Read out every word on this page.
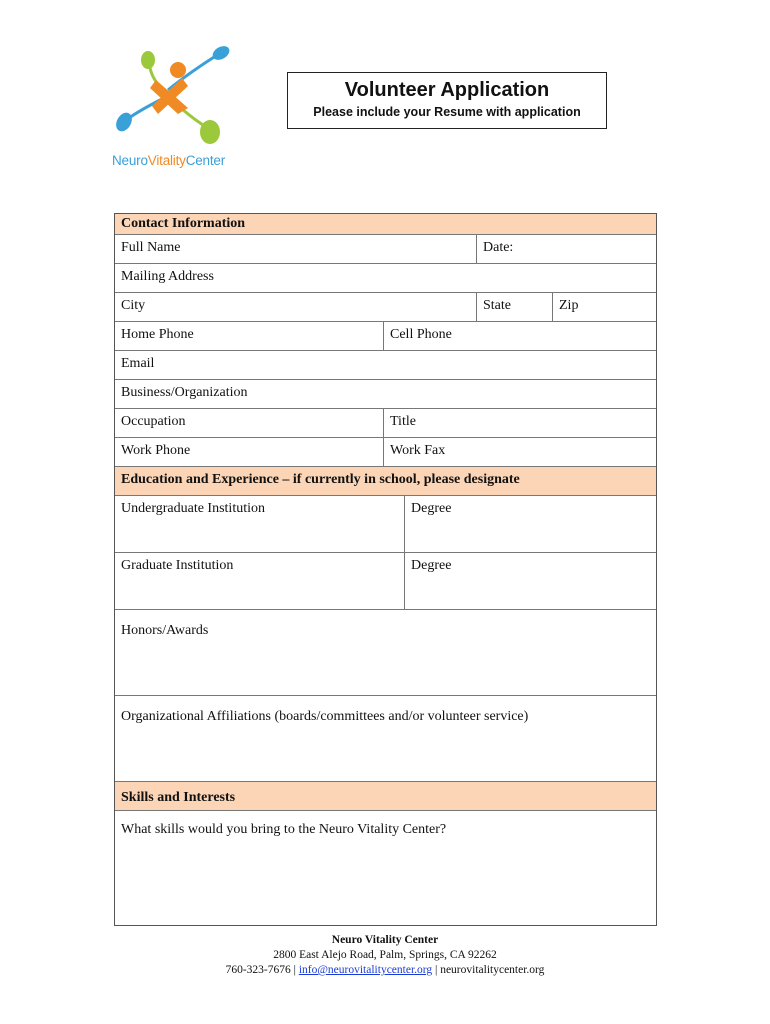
NeuroVitalityCenter
Volunteer Application
Please include your Resume with application
Contact Information
Full Name	Date:
Mailing Address
City	State	Zip
Home Phone	Cell Phone
Email
Business/Organization
Occupation	Title
Work Phone	Work Fax
Education and Experience – if currently in school, please designate
Undergraduate Institution	Degree
Graduate Institution	Degree
Honors/Awards
Organizational Affiliations (boards/committees and/or volunteer service)
Skills and Interests
What skills would you bring to the Neuro Vitality Center?
Neuro Vitality Center
2800 East Alejo Road, Palm, Springs, CA 92262
760-323-7676 | info@neurovitalitycenter.org | neurovitalitycenter.org
